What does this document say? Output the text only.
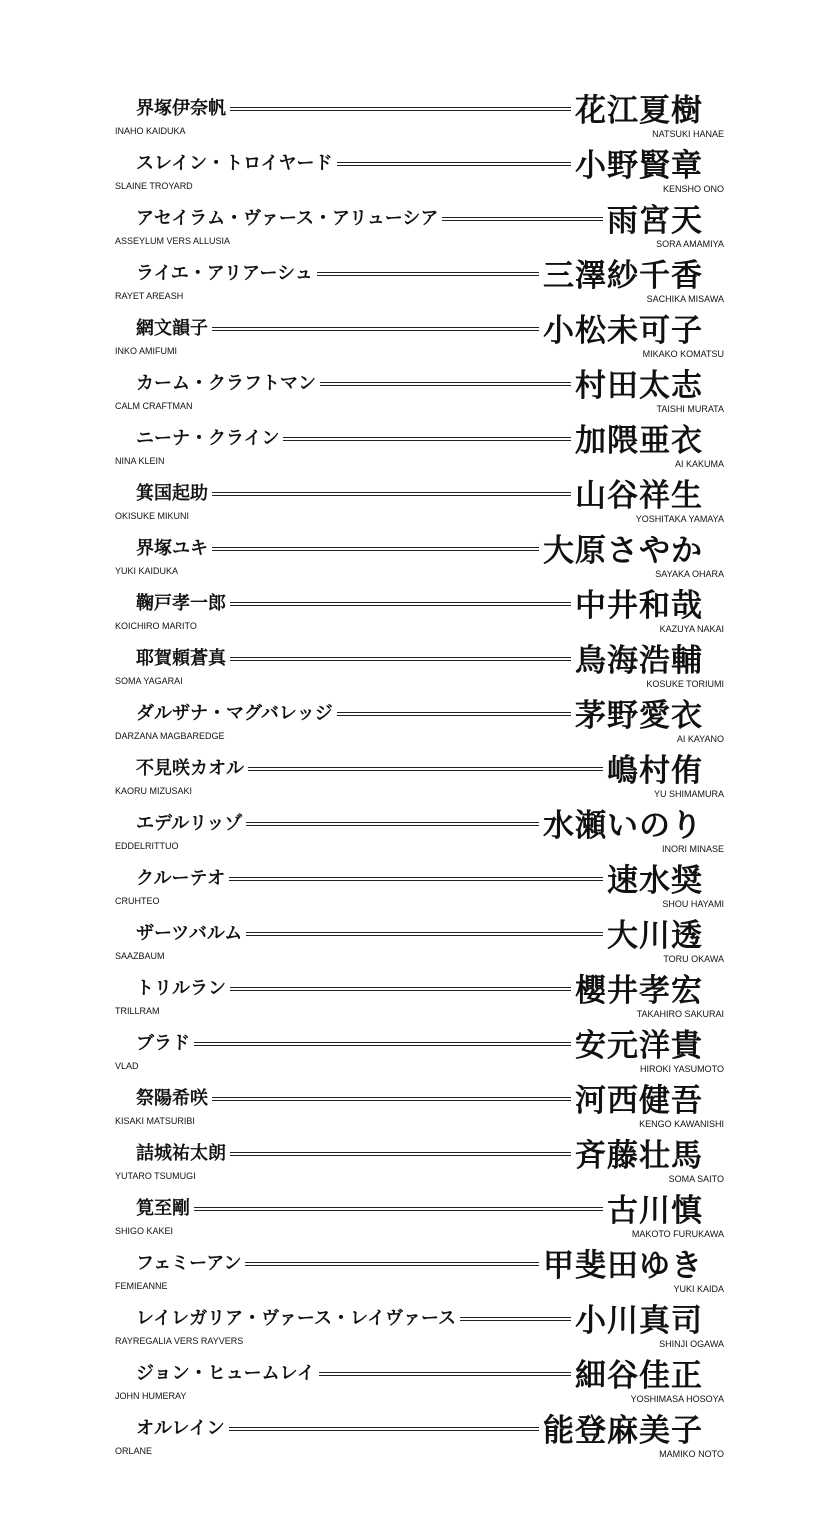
界塚伊奈帆
INAHO KAIDUKA
花江夏樹
NATSUKI HANAE
スレイン・トロイヤード
SLAINE TROYARD
小野賢章
KENSHO ONO
アセイラム・ヴァース・アリューシア
ASSEYLUM VERS ALLUSIA
雨宮天
SORA AMAMIYA
ライエ・アリアーシュ
RAYET AREASH
三澤紗千香
SACHIKA MISAWA
網文韻子
INKO AMIFUMI
小松未可子
MIKAKO KOMATSU
カーム・クラフトマン
CALM CRAFTMAN
村田太志
TAISHI MURATA
ニーナ・クライン
NINA KLEIN
加隈亜衣
AI KAKUMA
箕国起助
OKISUKE MIKUNI
山谷祥生
YOSHITAKA YAMAYA
界塚ユキ
YUKI KAIDUKA
大原さやか
SAYAKA OHARA
鞠戸孝一郎
KOICHIRO MARITO
中井和哉
KAZUYA NAKAI
耶賀頼蒼真
SOMA YAGARAI
鳥海浩輔
KOSUKE TORIUMI
ダルザナ・マグバレッジ
DARZANA MAGBAREDGE
茅野愛衣
AI KAYANO
不見咲カオル
KAORU MIZUSAKI
嶋村侑
YU SHIMAMURA
エデルリッゾ
EDDELRITTUO
水瀬いのり
INORI MINASE
クルーテオ
CRUHTEO
速水奨
SHOU HAYAMI
ザーツバルム
SAAZBAUM
大川透
TORU OKAWA
トリルラン
TRILLRAM
櫻井孝宏
TAKAHIRO SAKURAI
ブラド
VLAD
安元洋貴
HIROKI YASUMOTO
祭陽希咲
KISAKI MATSURIBI
河西健吾
KENGO KAWANISHI
詰城祐太朗
YUTARO TSUMUGI
斉藤壮馬
SOMA SAITO
筧至剛
SHIGO KAKEI
古川慎
MAKOTO FURUKAWA
フェミーアン
FEMIEANNE
甲斐田ゆき
YUKI KAIDA
レイレガリア・ヴァース・レイヴァース
RAYREGALIA VERS RAYVERS
小川真司
SHINJI OGAWA
ジョン・ヒュームレイ
JOHN HUMERAY
細谷佳正
YOSHIMASA HOSOYA
オルレイン
ORLANE
能登麻美子
MAMIKO NOTO
